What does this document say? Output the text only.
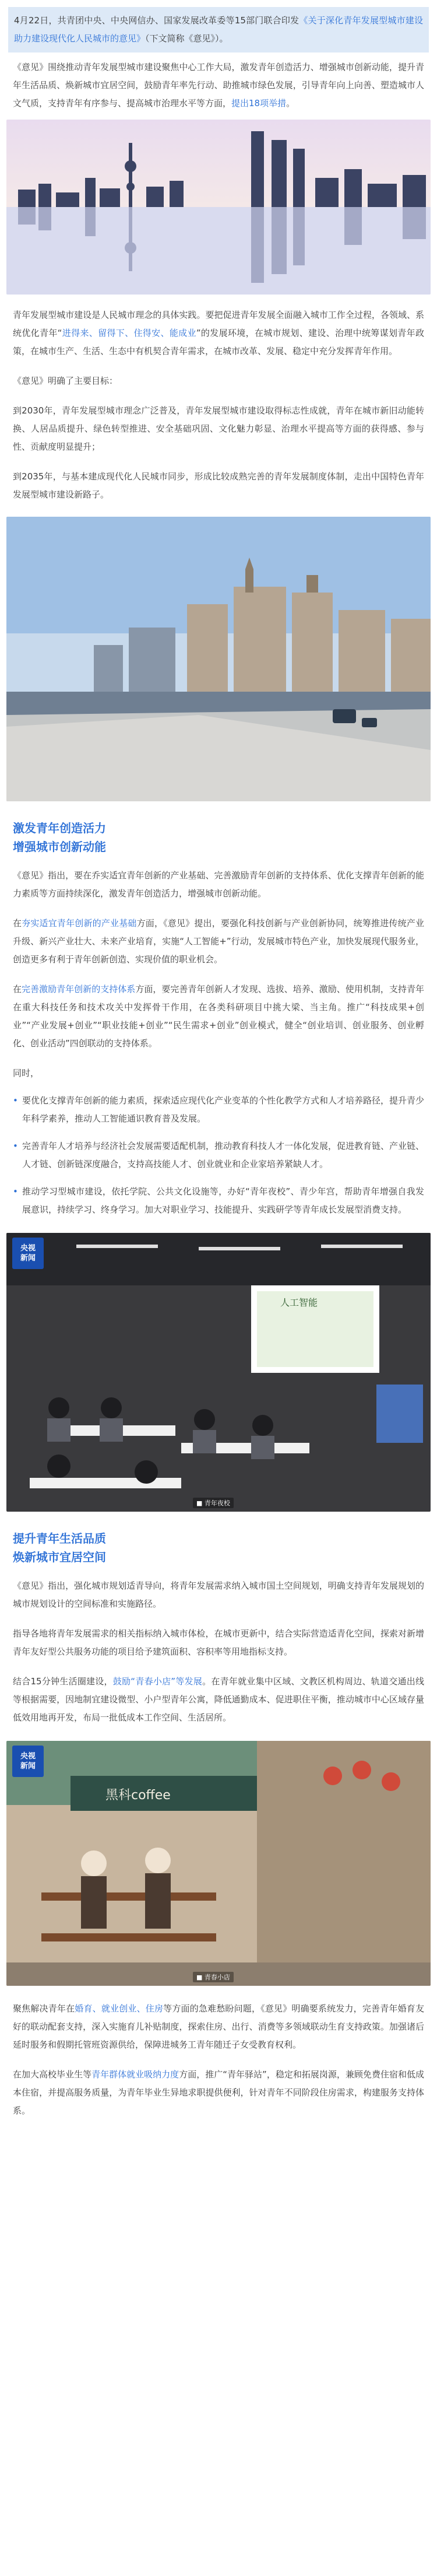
4月22日，共青团中央、中央网信办、国家发展改革委等15部门联合印发《关于深化青年发展型城市建设 助力建设现代化人民城市的意见》（下文简称《意见》）。

《意见》围绕推动青年发展型城市建设聚焦中心工作大局，激发青年创造活力、增强城市创新动能，提升青年生活品质、焕新城市宜居空间，鼓励青年率先行动、助推城市绿色发展，引导青年向上向善、塑造城市人文气质，支持青年有序参与、提高城市治理水平等方面，提出18项举措。

青年发展型城市建设是人民城市理念的具体实践。要把促进青年发展全面融入城市工作全过程，各领域、系统优化青年“进得来、留得下、住得安、能成业”的发展环境，在城市规划、建设、治理中统筹谋划青年政策，在城市生产、生活、生态中有机契合青年需求，在城市改革、发展、稳定中充分发挥青年作用。

《意见》明确了主要目标：

到2030年，青年发展型城市理念广泛普及，青年发展型城市建设取得标志性成就，青年在城市新旧动能转换、人居品质提升、绿色转型推进、安全基础巩固、文化魅力彰显、治理水平提高等方面的获得感、参与性、贡献度明显提升；

到2035年，与基本建成现代化人民城市同步，形成比较成熟完善的青年发展制度体制，走出中国特色青年发展型城市建设新路子。

激发青年创造活力

增强城市创新动能

《意见》指出，要在乔实适宜青年创新的产业基础、完善激励青年创新的支持体系、优化支撑青年创新的能力素质等方面持续深化，激发青年创造活力，增强城市创新动能。

在夯实适宜青年创新的产业基础方面，《意见》提出，要强化科技创新与产业创新协同，统筹推进传统产业升级、新兴产业壮大、未来产业培育，实施“人工智能+”行动，发展城市特色产业，加快发展现代服务业，创造更多有利于青年创新创造、实现价值的职业机会。

在完善激励青年创新的支持体系方面，要完善青年创新人才发现、选拔、培养、激励、使用机制，支持青年在重大科技任务和技术攻关中发挥骨干作用，在各类科研项目中挑大梁、当主角。推广“科技成果+创业”“产业发展+创业”“职业技能+创业”“民生需求+创业”创业模式，健全“创业培训、创业服务、创业孵化、创业活动”四创联动的支持体系。

同时，

• 要优化支撑青年创新的能力素质，探索适应现代化产业变革的个性化教学方式和人才培养路径，提升青少年科学素养，推动人工智能通识教育普及发展。

• 完善青年人才培养与经济社会发展需要适配机制，推动教育科技人才一体化发展，促进教育链、产业链、人才链、创新链深度融合，支持高技能人才、创业就业和企业家培养紧缺人才。

• 推动学习型城市建设，依托学院、公共文化设施等，办好“青年夜校”、青少年宫，帮助青年增强自我发展意识，持续学习、终身学习。加大对职业学习、技能提升、实践研学等青年成长发展型消费支持。

人工智能
央视
新闻
■ 青年夜校

提升青年生活品质

焕新城市宜居空间

《意见》指出，强化城市规划适青导向，将青年发展需求纳入城市国土空间规划，明确支持青年发展规划的城市规划设计的空间标准和实施路径。

指导各地将青年发展需求的相关指标纳入城市体检，在城市更新中，结合实际营造适青化空间，探索对新增青年友好型公共服务功能的项目给予建筑面积、容积率等用地指标支持。

结合15分钟生活圈建设，鼓励“青春小店”等发展。在青年就业集中区域、文教区机构周边、轨道交通出线等根据需要，因地制宜建设微型、小户型青年公寓，降低通勤成本、促进职住平衡，推动城市中心区域存量低效用地再开发，布局一批低成本工作空间、生活居所。

黑科coffee
央视
新闻
■ 青春小店

聚焦解决青年在婚育、就业创业、住房等方面的急难愁盼问题，《意见》明确要系统发力，完善青年婚育友好的联动配套支持，深入实施育儿补贴制度，探索住房、出行、消费等多领域联动生育支持政策。加强诸后延时服务和假期托管班资源供给，保障进城务工青年随迁子女受教育权利。

在加大高校毕业生等青年群体就业吸纳力度方面，推广“青年驿站”，稳定和拓展岗源，兼顾免费住宿和低成本住宿，并提高服务质量，为青年毕业生异地求职提供便利，针对青年不同阶段住房需求，构建服务支持体系。
